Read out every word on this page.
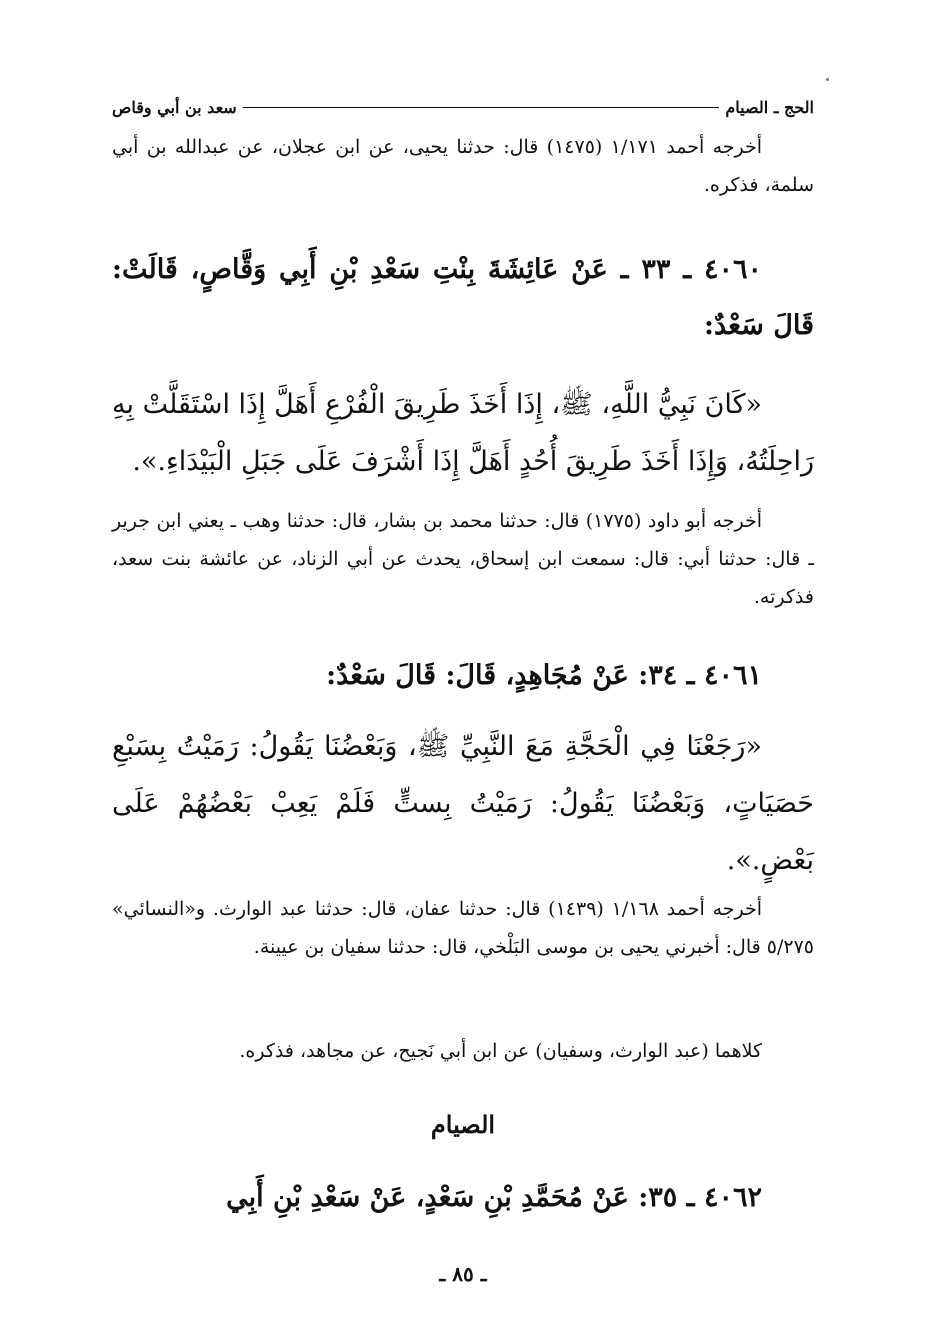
الحج ـ الصيام
سعد بن أبي وقاص

أخرجه أحمد ١/١٧١ (١٤٧٥) قال: حدثنا يحيى، عن ابن عجلان، عن عبدالله بن أبي سلمة، فذكره.

٤٠٦٠ ـ ٣٣ ـ عَنْ عَائِشَةَ بِنْتِ سَعْدِ بْنِ أَبِي وَقَّاصٍ، قَالَتْ: قَالَ سَعْدٌ:

«كَانَ نَبِيُّ اللَّهِ، ﷺ، إِذَا أَخَذَ طَرِيقَ الْفُرْعِ أَهَلَّ إِذَا اسْتَقَلَّتْ بِهِ رَاحِلَتُهُ، وَإِذَا أَخَذَ طَرِيقَ أُحُدٍ أَهَلَّ إِذَا أَشْرَفَ عَلَى جَبَلِ الْبَيْدَاءِ.».

أخرجه أبو داود (١٧٧٥) قال: حدثنا محمد بن بشار، قال: حدثنا وهب ـ يعني ابن جرير ـ قال: حدثنا أبي: قال: سمعت ابن إسحاق، يحدث عن أبي الزناد، عن عائشة بنت سعد، فذكرته.

٤٠٦١ ـ ٣٤: عَنْ مُجَاهِدٍ، قَالَ: قَالَ سَعْدٌ:

«رَجَعْنَا فِي الْحَجَّةِ مَعَ النَّبِيِّ ﷺ، وَبَعْضُنَا يَقُولُ: رَمَيْتُ بِسَبْعِ حَصَيَاتٍ، وَبَعْضُنَا يَقُولُ: رَمَيْتُ بِستٍّ فَلَمْ يَعِبْ بَعْضُهُمْ عَلَى بَعْضٍ.».

أخرجه أحمد ١/١٦٨ (١٤٣٩) قال: حدثنا عفان، قال: حدثنا عبد الوارث. و«النسائي» ٥/٢٧٥ قال: أخبرني يحيى بن موسى البَلْخي، قال: حدثنا سفيان بن عيينة.

كلاهما (عبد الوارث، وسفيان) عن ابن أبي نَجيح، عن مجاهد، فذكره.

الصيام

٤٠٦٢ ـ ٣٥: عَنْ مُحَمَّدِ بْنِ سَعْدٍ، عَنْ سَعْدِ بْنِ أَبِي

ـ ٨٥ ـ
